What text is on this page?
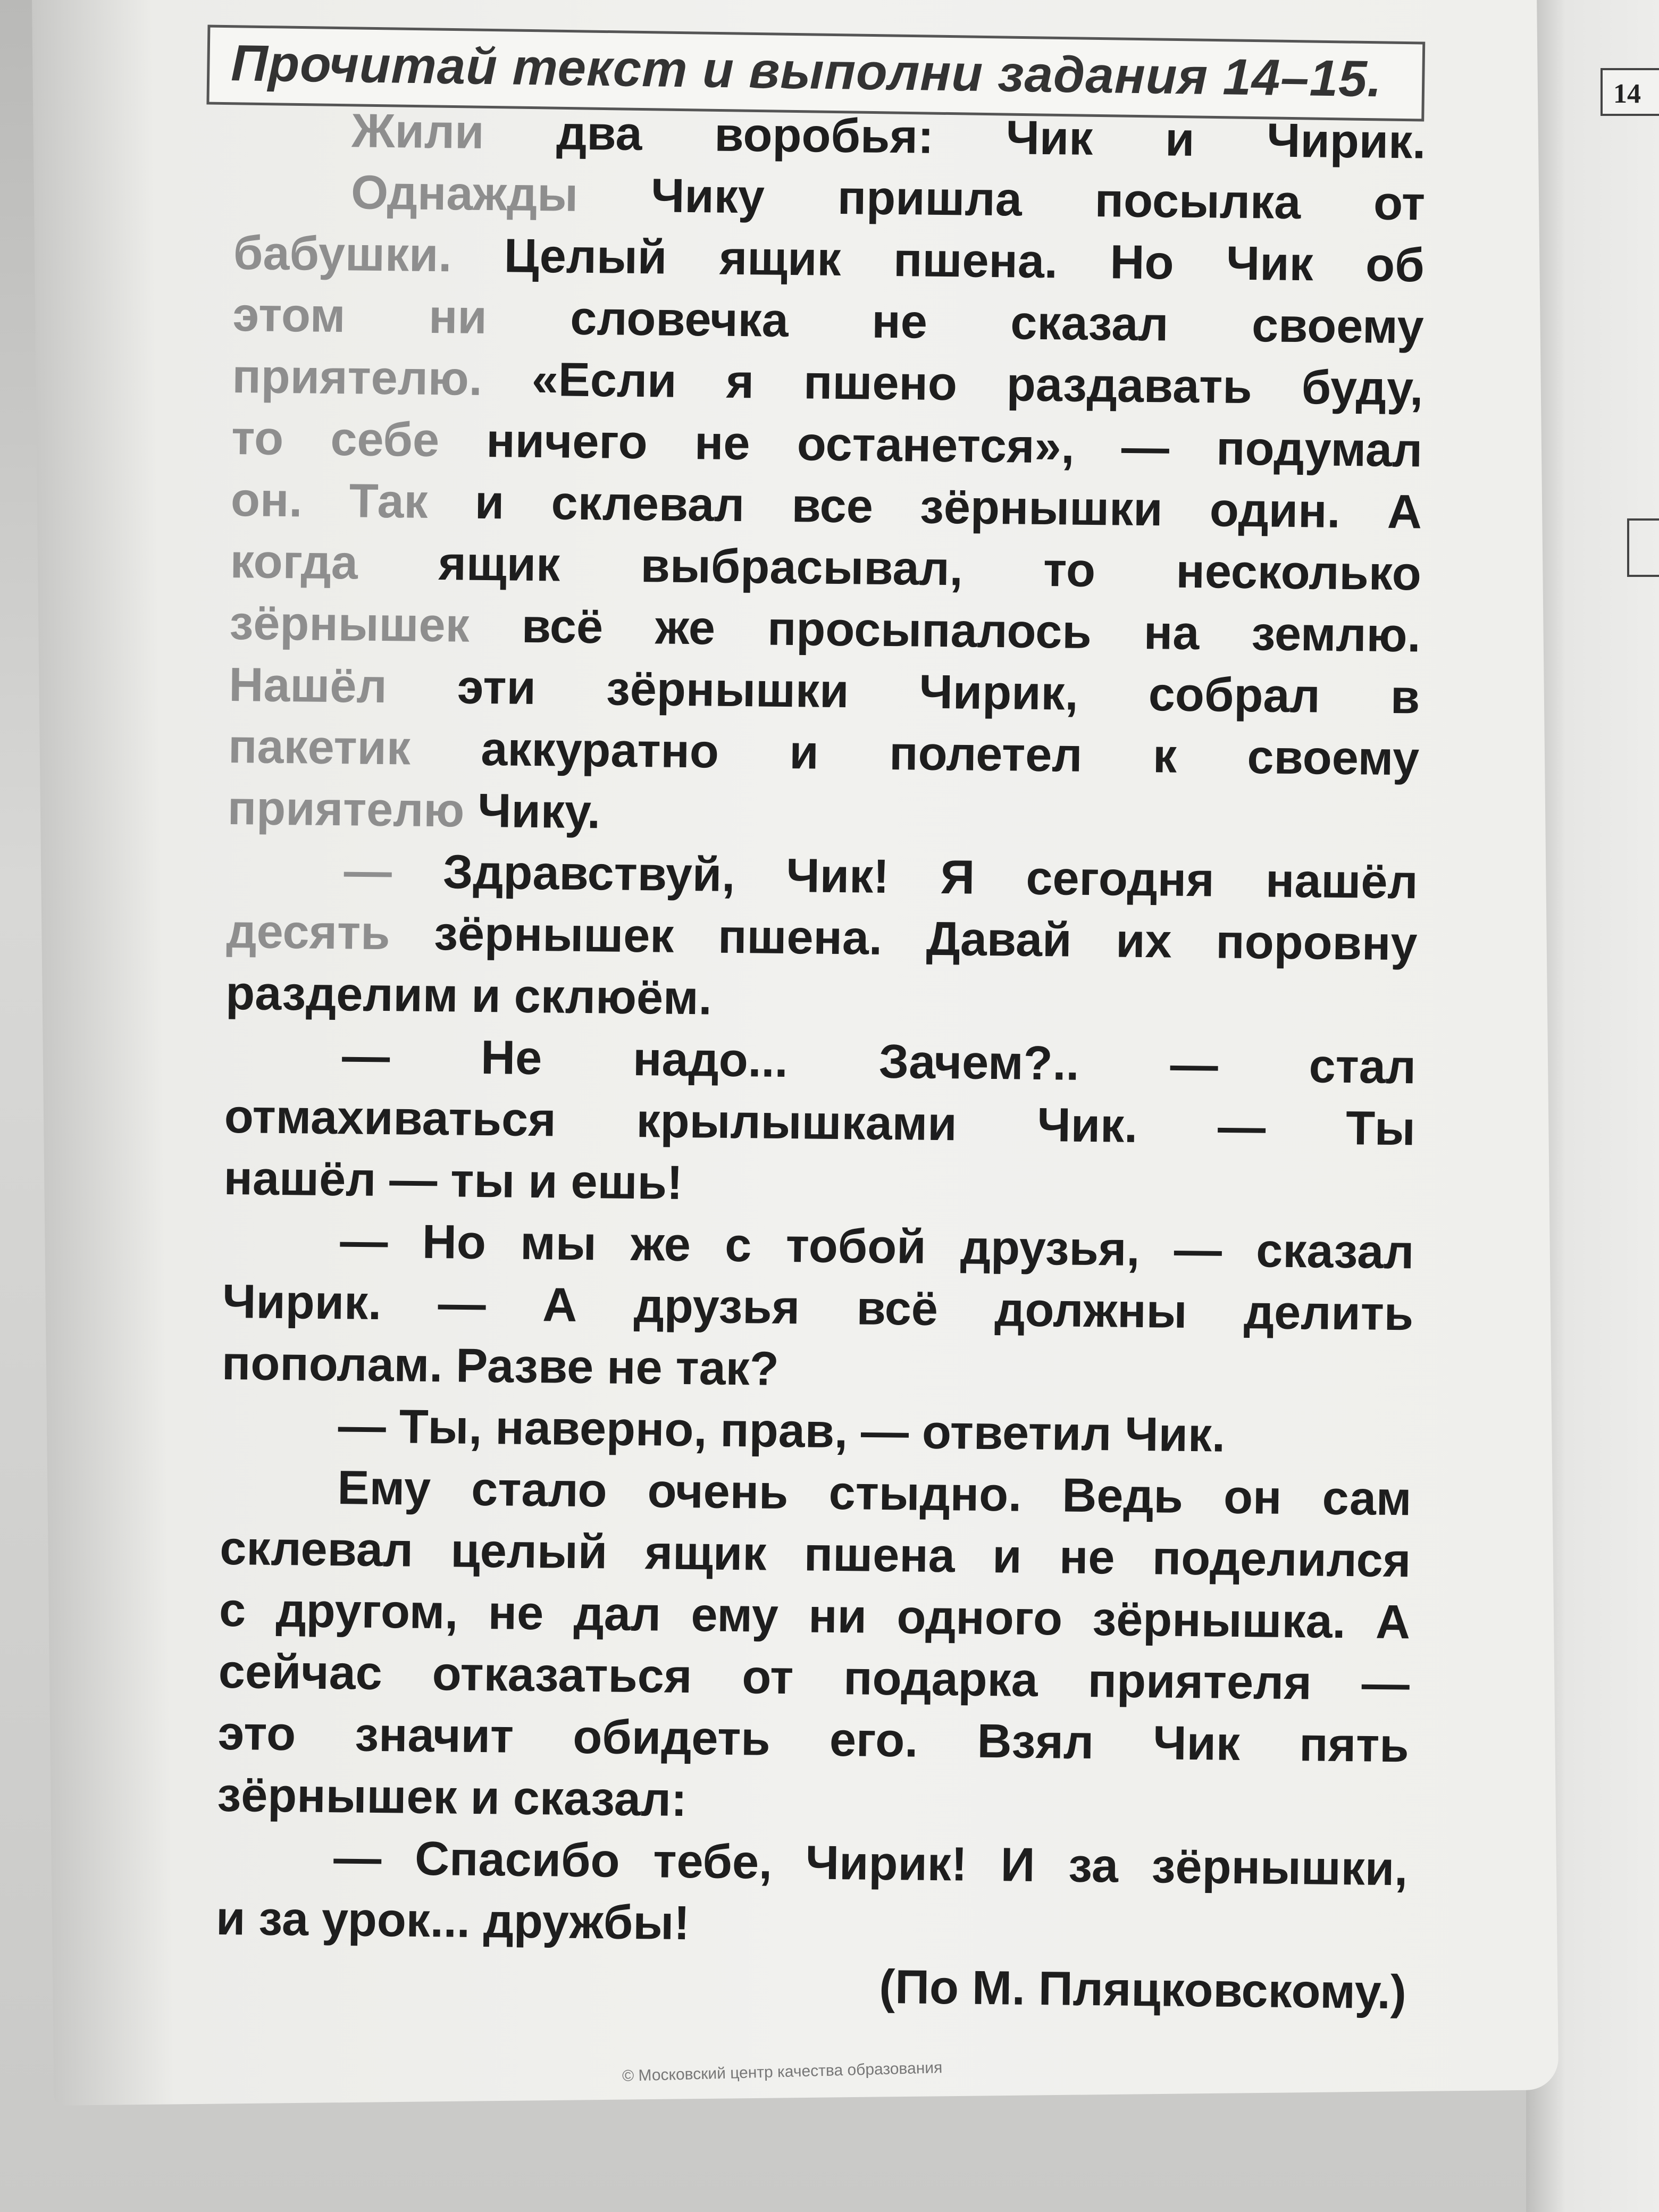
14
Прочитай текст и выполни задания 14–15.
Жили два воробья: Чик и Чирик.
Однажды Чику пришла посылка от
бабушки. Целый ящик пшена. Но Чик об
этом ни словечка не сказал своему
приятелю. «Если я пшено раздавать буду,
то себе ничего не останется», — подумал
он. Так и склевал все зёрнышки один. А
когда ящик выбрасывал, то несколько
зёрнышек всё же просыпалось на землю.
Нашёл эти зёрнышки Чирик, собрал в
пакетик аккуратно и полетел к своему
приятелю Чику.
— Здравствуй, Чик! Я сегодня нашёл
десять зёрнышек пшена. Давай их поровну
разделим и склюём.
— Не надо... Зачем?.. — стал
отмахиваться крылышками Чик. — Ты
нашёл — ты и ешь!
— Но мы же с тобой друзья, — сказал
Чирик. — А друзья всё должны делить
пополам. Разве не так?
— Ты, наверно, прав, — ответил Чик.
Ему стало очень стыдно. Ведь он сам
склевал целый ящик пшена и не поделился
с другом, не дал ему ни одного зёрнышка. А
сейчас отказаться от подарка приятеля —
это значит обидеть его. Взял Чик пять
зёрнышек и сказал:
— Спасибо тебе, Чирик! И за зёрнышки,
и за урок... дружбы!
(По М. Пляцковскому.)
© Московский центр качества образования
